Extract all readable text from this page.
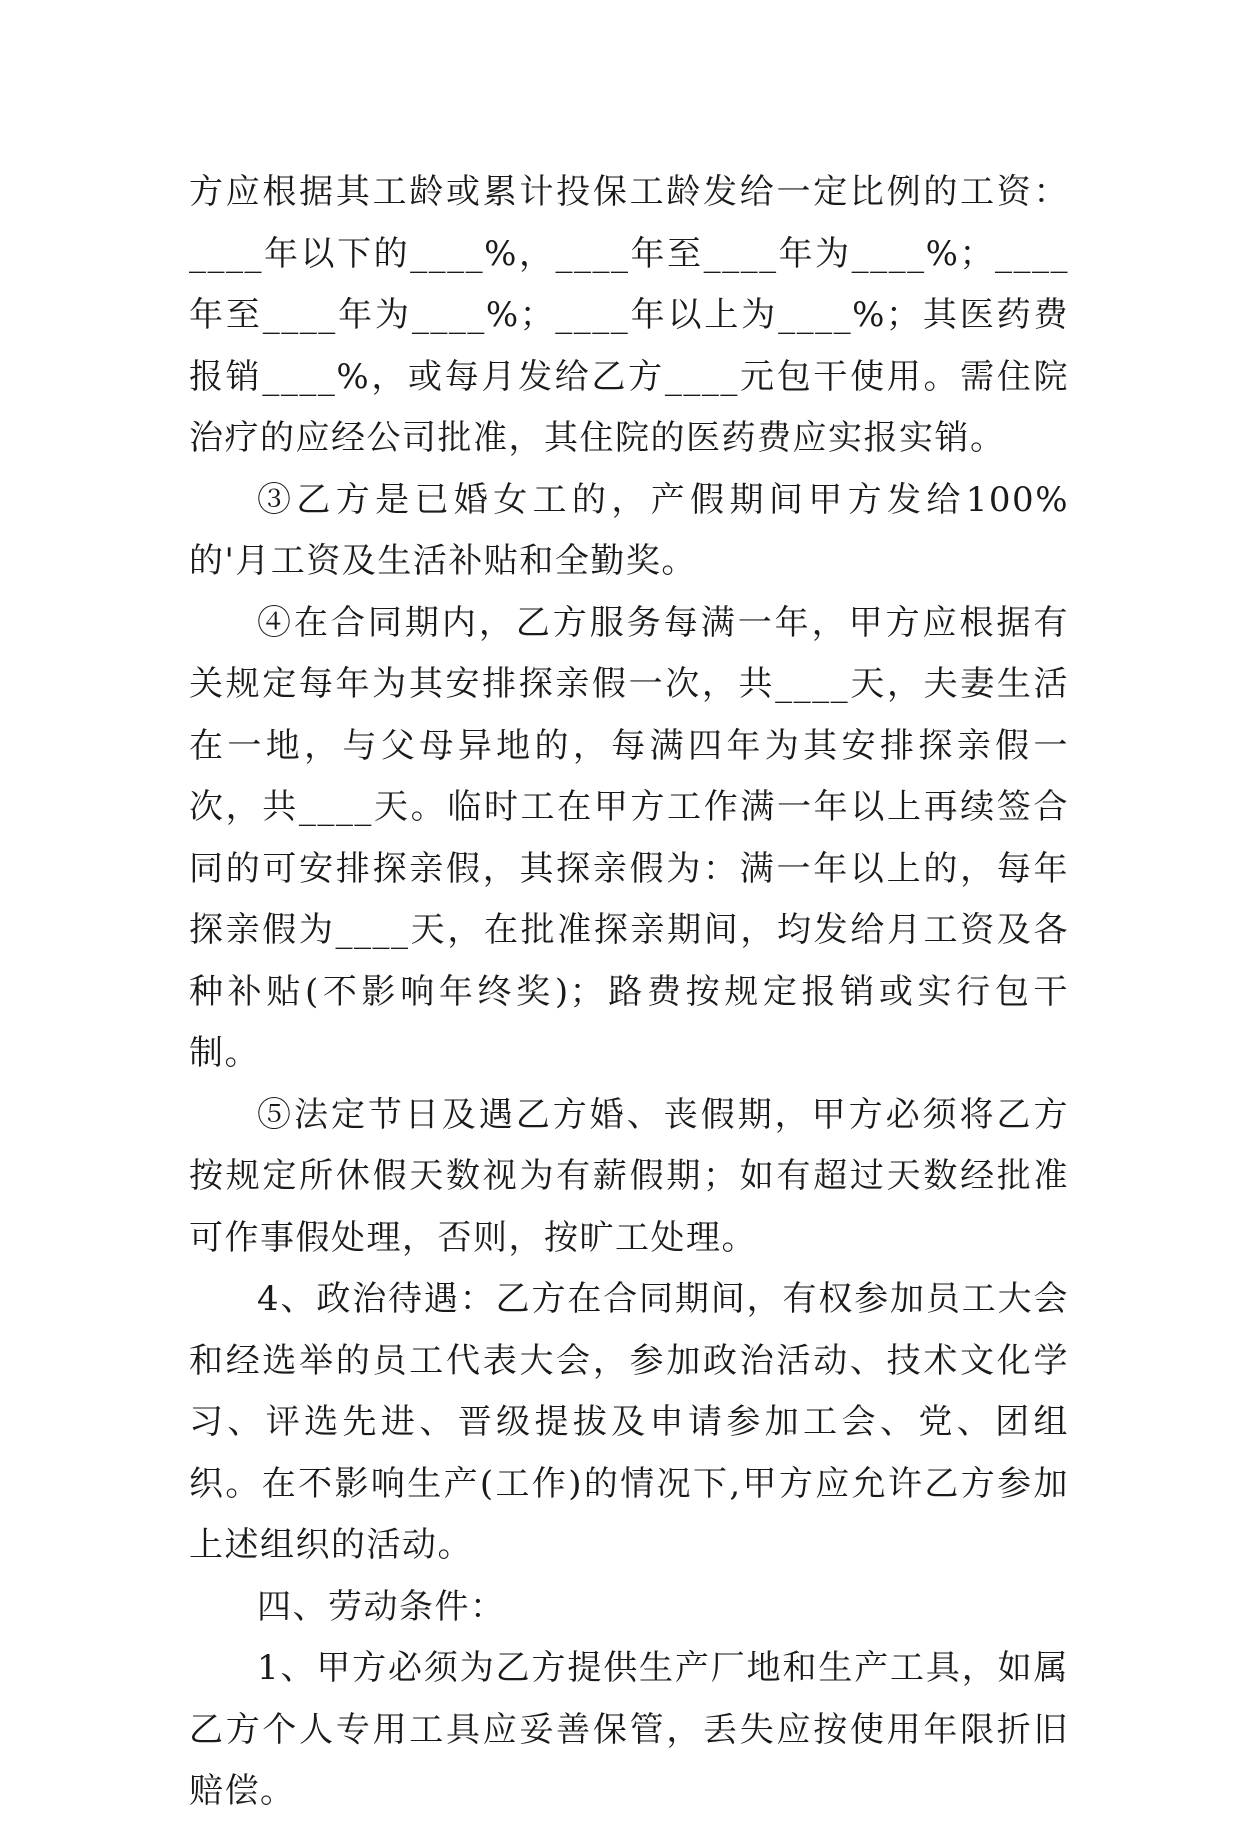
方应根据其工龄或累计投保工龄发给一定比例的工资：____年以下的____%，____年至____年为____%；____年至____年为____%；____年以上为____%；其医药费报销____%，或每月发给乙方____元包干使用。需住院治疗的应经公司批准，其住院的医药费应实报实销。

③乙方是已婚女工的，产假期间甲方发给100%的'月工资及生活补贴和全勤奖。

④在合同期内，乙方服务每满一年，甲方应根据有关规定每年为其安排探亲假一次，共____天，夫妻生活在一地，与父母异地的，每满四年为其安排探亲假一次，共____天。临时工在甲方工作满一年以上再续签合同的可安排探亲假，其探亲假为：满一年以上的，每年探亲假为____天，在批准探亲期间，均发给月工资及各种补贴(不影响年终奖)；路费按规定报销或实行包干制。

⑤法定节日及遇乙方婚、丧假期，甲方必须将乙方按规定所休假天数视为有薪假期；如有超过天数经批准可作事假处理，否则，按旷工处理。

4、政治待遇：乙方在合同期间，有权参加员工大会和经选举的员工代表大会，参加政治活动、技术文化学习、评选先进、晋级提拔及申请参加工会、党、团组织。在不影响生产(工作)的情况下,甲方应允许乙方参加上述组织的活动。

四、劳动条件：

1、甲方必须为乙方提供生产厂地和生产工具，如属乙方个人专用工具应妥善保管，丢失应按使用年限折旧赔偿。
